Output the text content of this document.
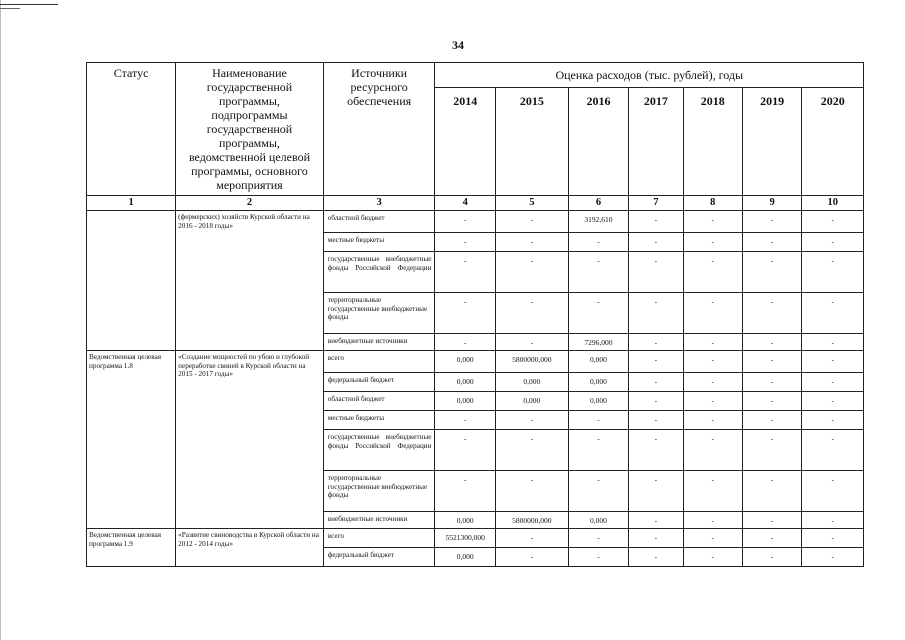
34
Статус	Наименование государственной программы, подпрограммы государственной программы, ведомственной целевой программы, основного мероприятия	Источники ресурсного обеспечения	Оценка расходов (тыс. рублей), годы						
			2014	2015	2016	2017	2018	2019	2020
1	2	3	4	5	6	7	8	9	10
	(фермерских) хозяйств Курской области на 2016 - 2018 годы»	областной бюджет	-	-	3192,610	-	-	-	-
		местные бюджеты	-	-	-	-	-	-	-
		государственные внебюджетные фонды Российской Федерации	-	-	-	-	-	-	-
		территориальные государственные внебюджетные фонды	-	-	-	-	-	-	-
		внебюджетные источники	-	-	7296,000	-	-	-	-
Ведомственная целевая программа 1.8	«Создание мощностей по убою и глубокой переработке свиней в Курской области на 2015 - 2017 годы»	всего	0,000	5800000,000	0,000	-	-	-	-
		федеральный бюджет	0,000	0,000	0,000	-	-	-	-
		областной бюджет	0,000	0,000	0,000	-	-	-	-
		местные бюджеты	-	-	-	-	-	-	-
		государственные внебюджетные фонды Российской Федерации	-	-	-	-	-	-	-
		территориальные государственные внебюджетные фонды	-	-	-	-	-	-	-
		внебюджетные источники	0,000	5800000,000	0,000	-	-	-	-
Ведомственная целевая программа 1.9	«Развитие свиноводства в Курской области на 2012 - 2014 годы»	всего	5521300,000	-	-	-	-	-	-
		федеральный бюджет	0,000	-	-	-	-	-	-
